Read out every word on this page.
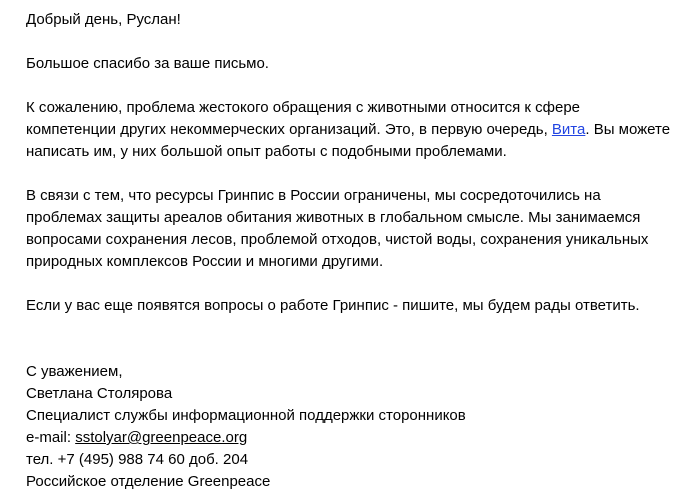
Добрый день, Руслан!

Большое спасибо за ваше письмо.

К сожалению, проблема жестокого обращения с животными относится к сфере компетенции других некоммерческих организаций. Это, в первую очередь, Вита. Вы можете написать им, у них большой опыт работы с подобными проблемами.

В связи с тем, что ресурсы Гринпис в России ограничены, мы сосредоточились на проблемах защиты ареалов обитания животных в глобальном смысле. Мы занимаемся вопросами сохранения лесов, проблемой отходов, чистой воды, сохранения уникальных природных комплексов России и многими другими.

Если у вас еще появятся вопросы о работе Гринпис - пишите, мы будем рады ответить.

С уважением,
Светлана Столярова
Специалист службы информационной поддержки сторонников
e-mail: sstolyar@greenpeace.org
тел. +7 (495) 988 74 60 доб. 204
Российское отделение Greenpeace
